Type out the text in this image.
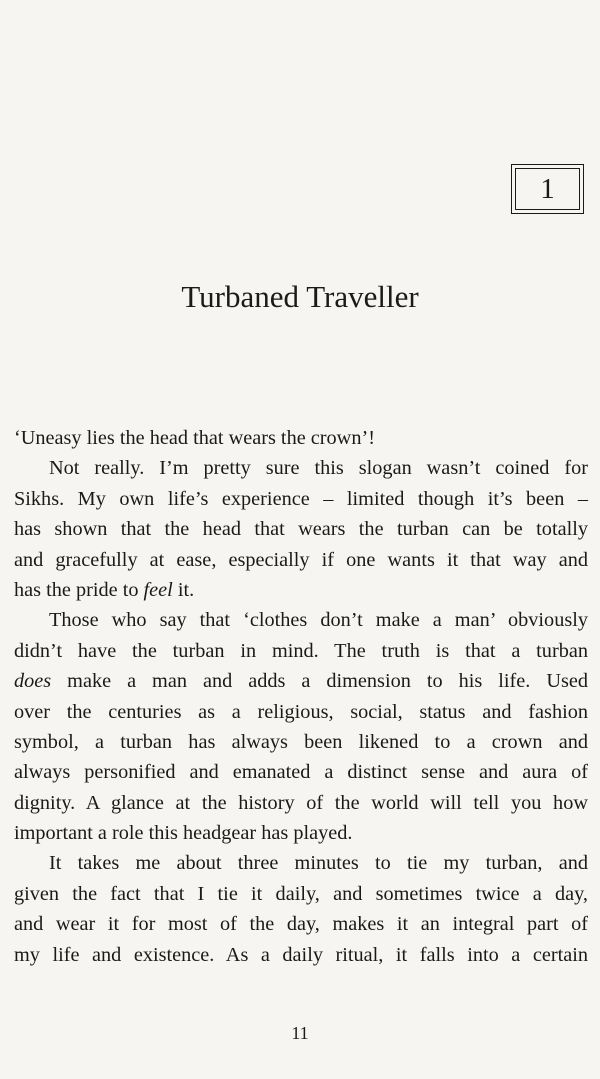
1
Turbaned Traveller
‘Uneasy lies the head that wears the crown’!
Not really. I’m pretty sure this slogan wasn’t coined for
Sikhs. My own life’s experience – limited though it’s been –
has shown that the head that wears the turban can be totally
and gracefully at ease, especially if one wants it that way and
has the pride to feel it.
Those who say that ‘clothes don’t make a man’ obviously
didn’t have the turban in mind. The truth is that a turban
does make a man and adds a dimension to his life. Used
over the centuries as a religious, social, status and fashion
symbol, a turban has always been likened to a crown and
always personified and emanated a distinct sense and aura of
dignity. A glance at the history of the world will tell you how
important a role this headgear has played.
It takes me about three minutes to tie my turban, and
given the fact that I tie it daily, and sometimes twice a day,
and wear it for most of the day, makes it an integral part of
my life and existence. As a daily ritual, it falls into a certain
11
